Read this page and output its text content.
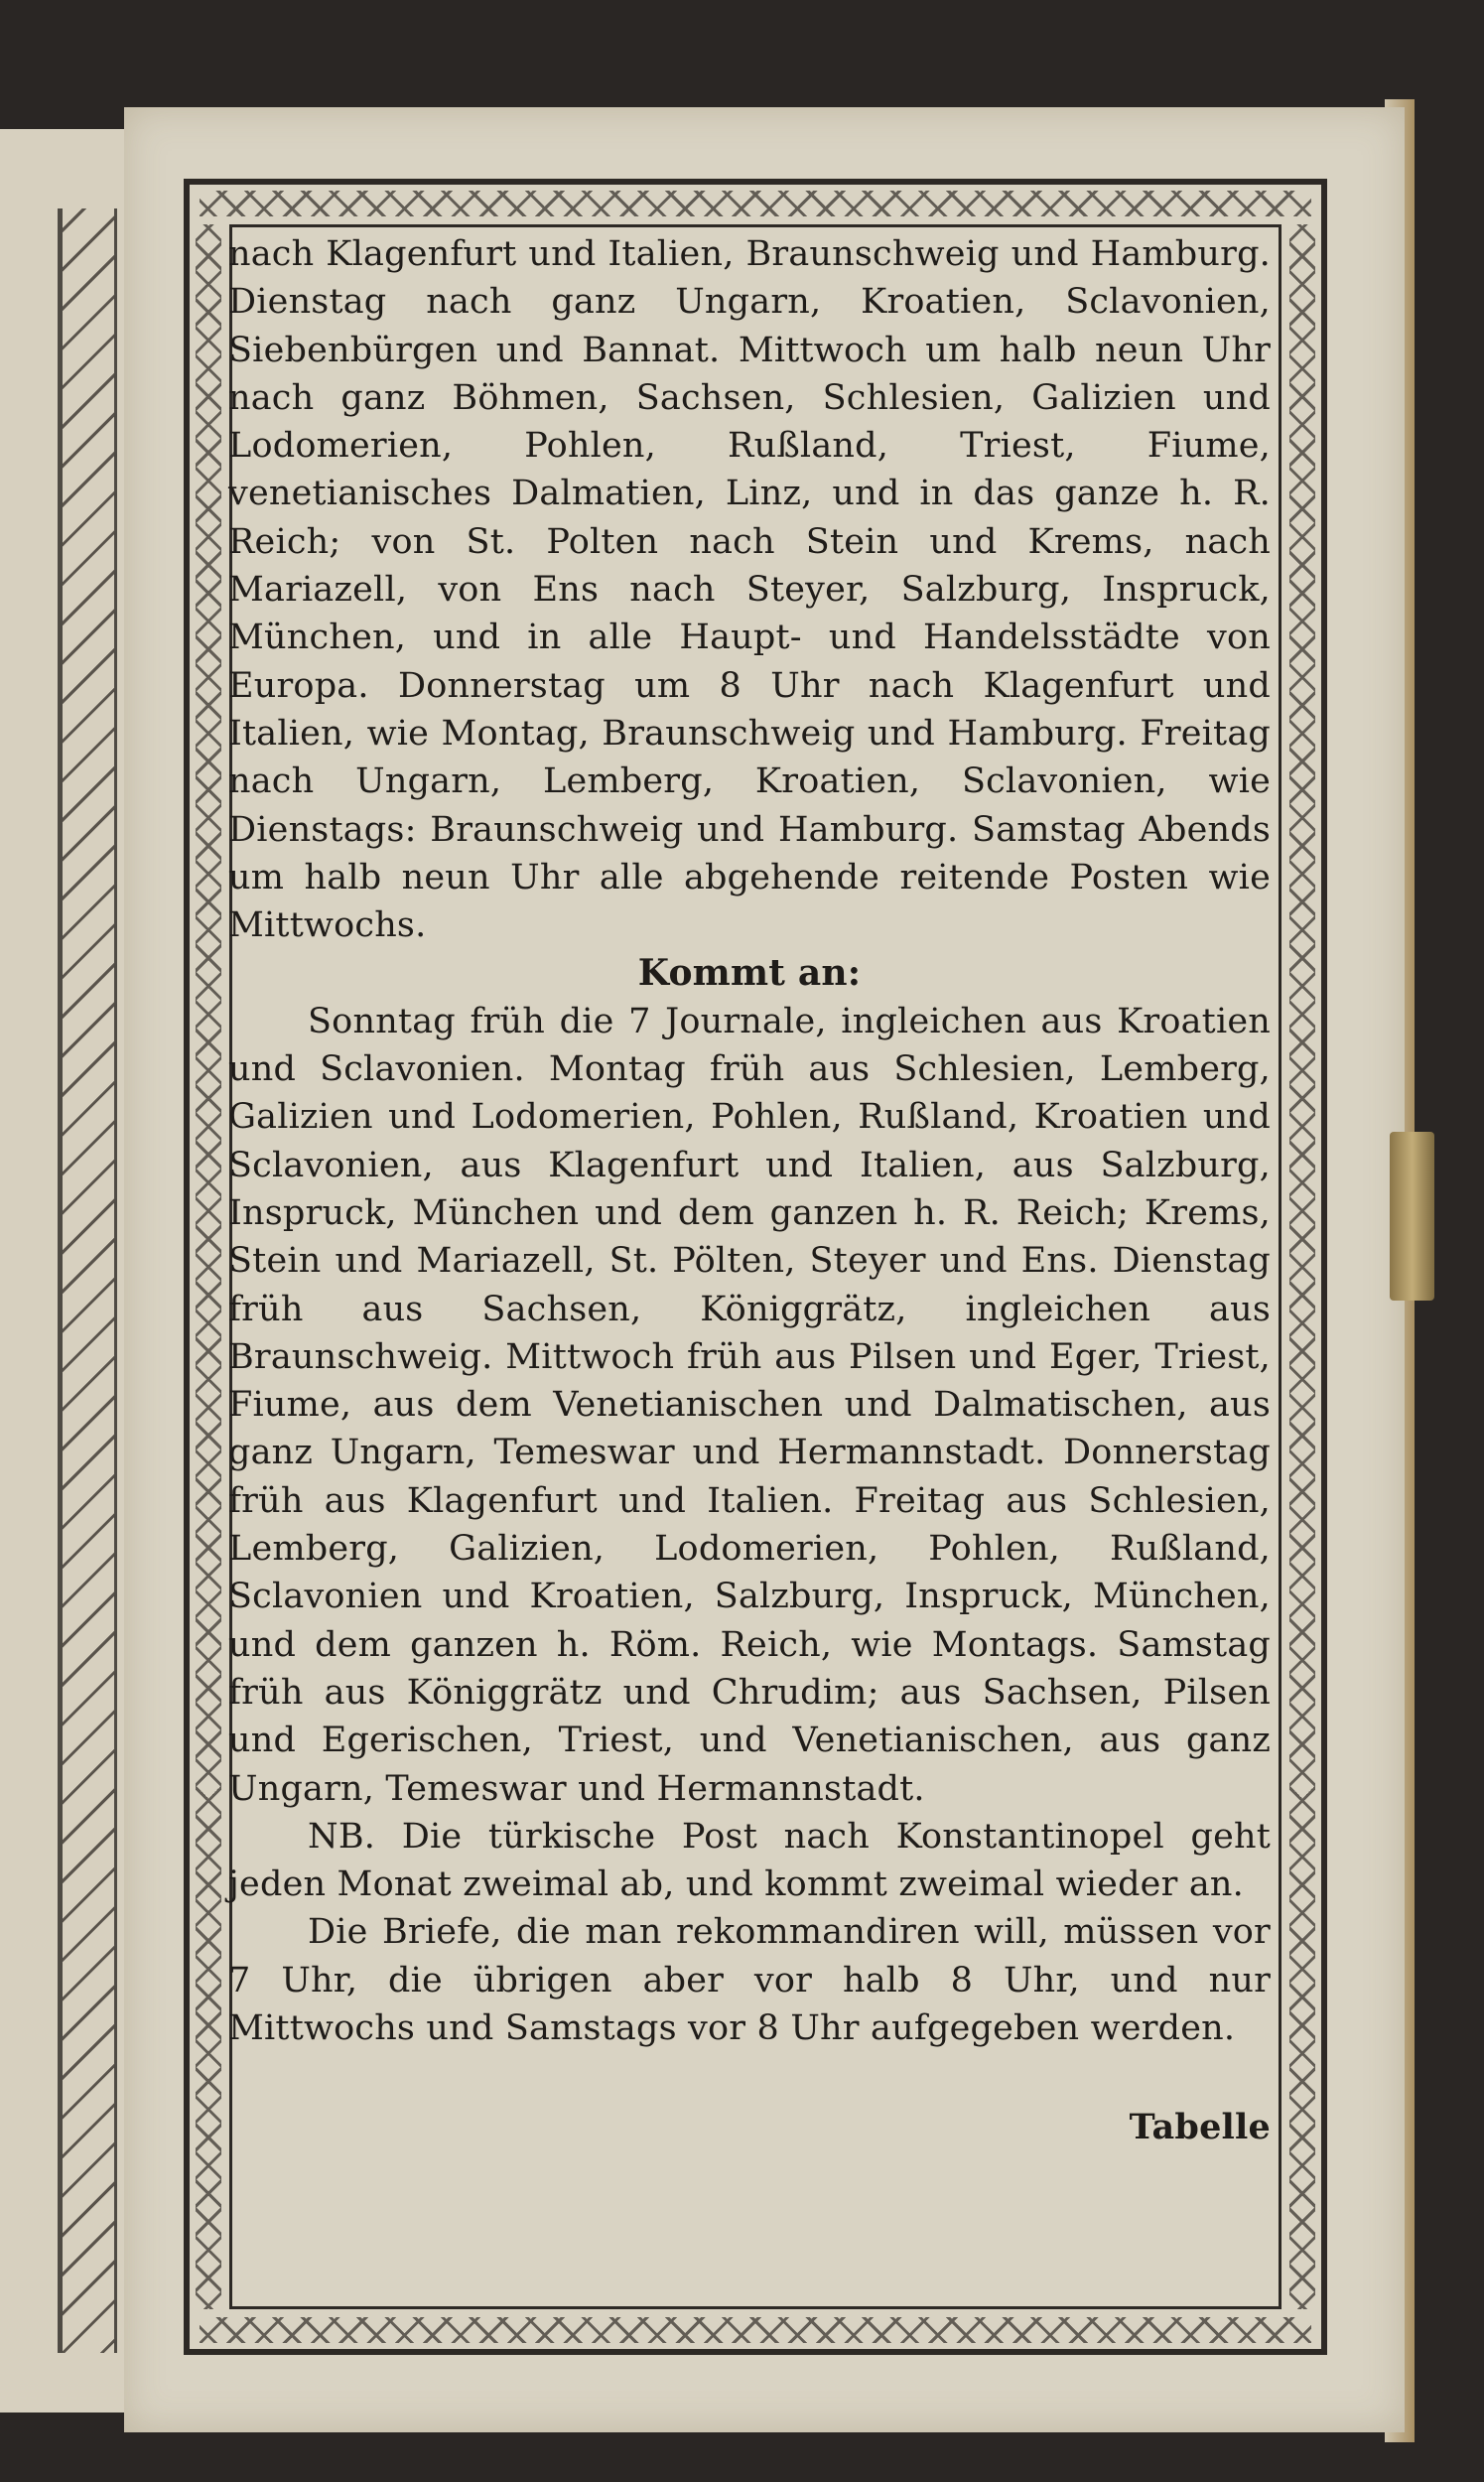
nach Klagenfurt und Italien, Braunschweig und Hamburg. Dienstag nach ganz Ungarn, Kroatien, Sclavonien, Siebenbürgen und Bannat. Mittwoch um halb neun Uhr nach ganz Böhmen, Sachsen, Schlesien, Galizien und Lodomerien, Pohlen, Rußland, Triest, Fiume, venetianisches Dalmatien, Linz, und in das ganze h. R. Reich; von St. Polten nach Stein und Krems, nach Mariazell, von Ens nach Steyer, Salzburg, Inspruck, München, und in alle Haupt- und Handelsstädte von Europa. Donnerstag um 8 Uhr nach Klagenfurt und Italien, wie Montag, Braunschweig und Hamburg. Freitag nach Ungarn, Lemberg, Kroatien, Sclavonien, wie Dienstags: Braunschweig und Hamburg. Samstag Abends um halb neun Uhr alle abgehende reitende Posten wie Mittwochs.

Kommt an:

Sonntag früh die 7 Journale, ingleichen aus Kroatien und Sclavonien. Montag früh aus Schlesien, Lemberg, Galizien und Lodomerien, Pohlen, Rußland, Kroatien und Sclavonien, aus Klagenfurt und Italien, aus Salzburg, Inspruck, München und dem ganzen h. R. Reich; Krems, Stein und Mariazell, St. Pölten, Steyer und Ens. Dienstag früh aus Sachsen, Königgrätz, ingleichen aus Braunschweig. Mittwoch früh aus Pilsen und Eger, Triest, Fiume, aus dem Venetianischen und Dalmatischen, aus ganz Ungarn, Temeswar und Hermannstadt. Donnerstag früh aus Klagenfurt und Italien. Freitag aus Schlesien, Lemberg, Galizien, Lodomerien, Pohlen, Rußland, Sclavonien und Kroatien, Salzburg, Inspruck, München, und dem ganzen h. Röm. Reich, wie Montags. Samstag früh aus Königgrätz und Chrudim; aus Sachsen, Pilsen und Egerischen, Triest, und Venetianischen, aus ganz Ungarn, Temeswar und Hermannstadt.

NB. Die türkische Post nach Konstantinopel geht jeden Monat zweimal ab, und kommt zweimal wieder an.

Die Briefe, die man rekommandiren will, müssen vor 7 Uhr, die übrigen aber vor halb 8 Uhr, und nur Mittwochs und Samstags vor 8 Uhr aufgegeben werden.

Tabelle
